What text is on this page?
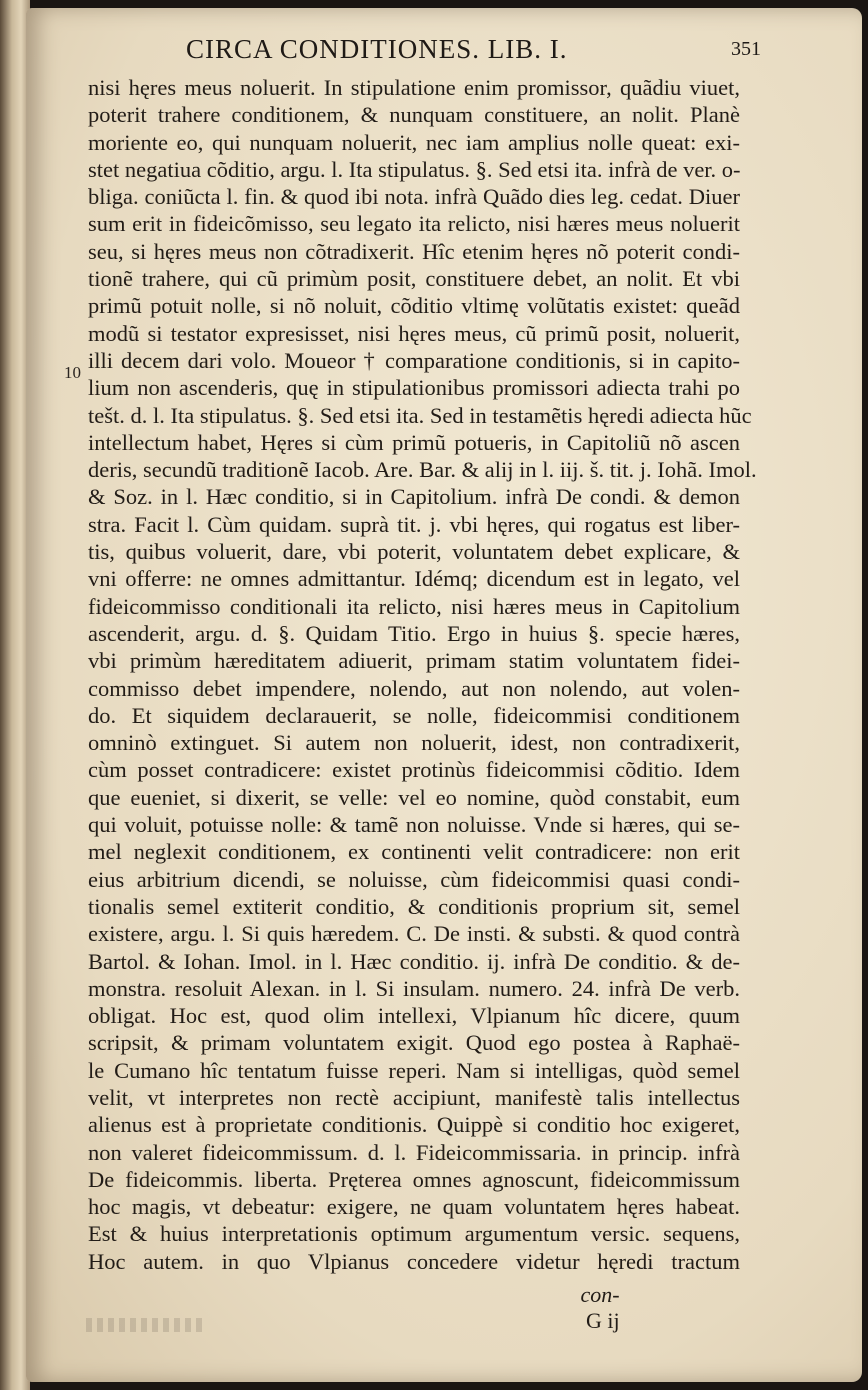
CIRCA CONDITIONES. LIB. I.	351
10
nisi hęres meus noluerit. In stipulatione enim promissor, quãdiu viuet,
poterit trahere conditionem, & nunquam constituere, an nolit. Planè
moriente eo, qui nunquam noluerit, nec iam amplius nolle queat: exi-
stet negatiua cõditio, argu. l. Ita stipulatus. §. Sed etsi ita. infrà de ver. o-
bliga. coniũcta l. fin. & quod ibi nota. infrà Quãdo dies leg. cedat. Diuer
sum erit in fideicõmisso, seu legato ita relicto, nisi hæres meus noluerit
seu, si hęres meus non cõtradixerit. Hîc etenim hęres nõ poterit condi-
tionẽ trahere, qui cũ primùm posit, constituere debet, an nolit. Et vbi
primũ potuit nolle, si nõ noluit, cõditio vltimę volũtatis existet: queãd
modũ si testator expresisset, nisi hęres meus, cũ primũ posit, noluerit,
illi decem dari volo. Moueor † comparatione conditionis, si in capito-
lium non ascenderis, quę in stipulationibus promissori adiecta trahi po
tešt. d. l. Ita stipulatus. §. Sed etsi ita. Sed in testamẽtis hęredi adiecta hũc
intellectum habet, Hęres si cùm primũ potueris, in Capitoliũ nõ ascen
deris, secundũ traditionẽ Iacob. Are. Bar. & alij in l. iij. š. tit. j. Iohã. Imol.
& Soz. in l. Hæc conditio, si in Capitolium. infrà De condi. & demon
stra. Facit l. Cùm quidam. suprà tit. j. vbi hęres, qui rogatus est liber-
tis, quibus voluerit, dare, vbi poterit, voluntatem debet explicare, &
vni offerre: ne omnes admittantur. Idémq; dicendum est in legato, vel
fideicommisso conditionali ita relicto, nisi hæres meus in Capitolium
ascenderit, argu. d. §. Quidam Titio. Ergo in huius §. specie hæres,
vbi primùm hæreditatem adiuerit, primam statim voluntatem fidei-
commisso debet impendere, nolendo, aut non nolendo, aut volen-
do. Et siquidem declarauerit, se nolle, fideicommisi conditionem
omninò extinguet. Si autem non noluerit, idest, non contradixerit,
cùm posset contradicere: existet protinùs fideicommisi cõditio. Idem
que eueniet, si dixerit, se velle: vel eo nomine, quòd constabit, eum
qui voluit, potuisse nolle: & tamẽ non noluisse. Vnde si hæres, qui se-
mel neglexit conditionem, ex continenti velit contradicere: non erit
eius arbitrium dicendi, se noluisse, cùm fideicommisi quasi condi-
tionalis semel extiterit conditio, & conditionis proprium sit, semel
existere, argu. l. Si quis hæredem. C. De insti. & substi. & quod contrà
Bartol. & Iohan. Imol. in l. Hæc conditio. ij. infrà De conditio. & de-
monstra. resoluit Alexan. in l. Si insulam. numero. 24. infrà De verb.
obligat. Hoc est, quod olim intellexi, Vlpianum hîc dicere, quum
scripsit, & primam voluntatem exigit. Quod ego postea à Raphaë-
le Cumano hîc tentatum fuisse reperi. Nam si intelligas, quòd semel
velit, vt interpretes non rectè accipiunt, manifestè talis intellectus
alienus est à proprietate conditionis. Quippè si conditio hoc exigeret,
non valeret fideicommissum. d. l. Fideicommissaria. in princip. infrà
De fideicommis. liberta. Pręterea omnes agnoscunt, fideicommissum
hoc magis, vt debeatur: exigere, ne quam voluntatem hęres habeat.
Est & huius interpretationis optimum argumentum versic. sequens,
Hoc autem. in quo Vlpianus concedere videtur hęredi tractum
con-
G ij
